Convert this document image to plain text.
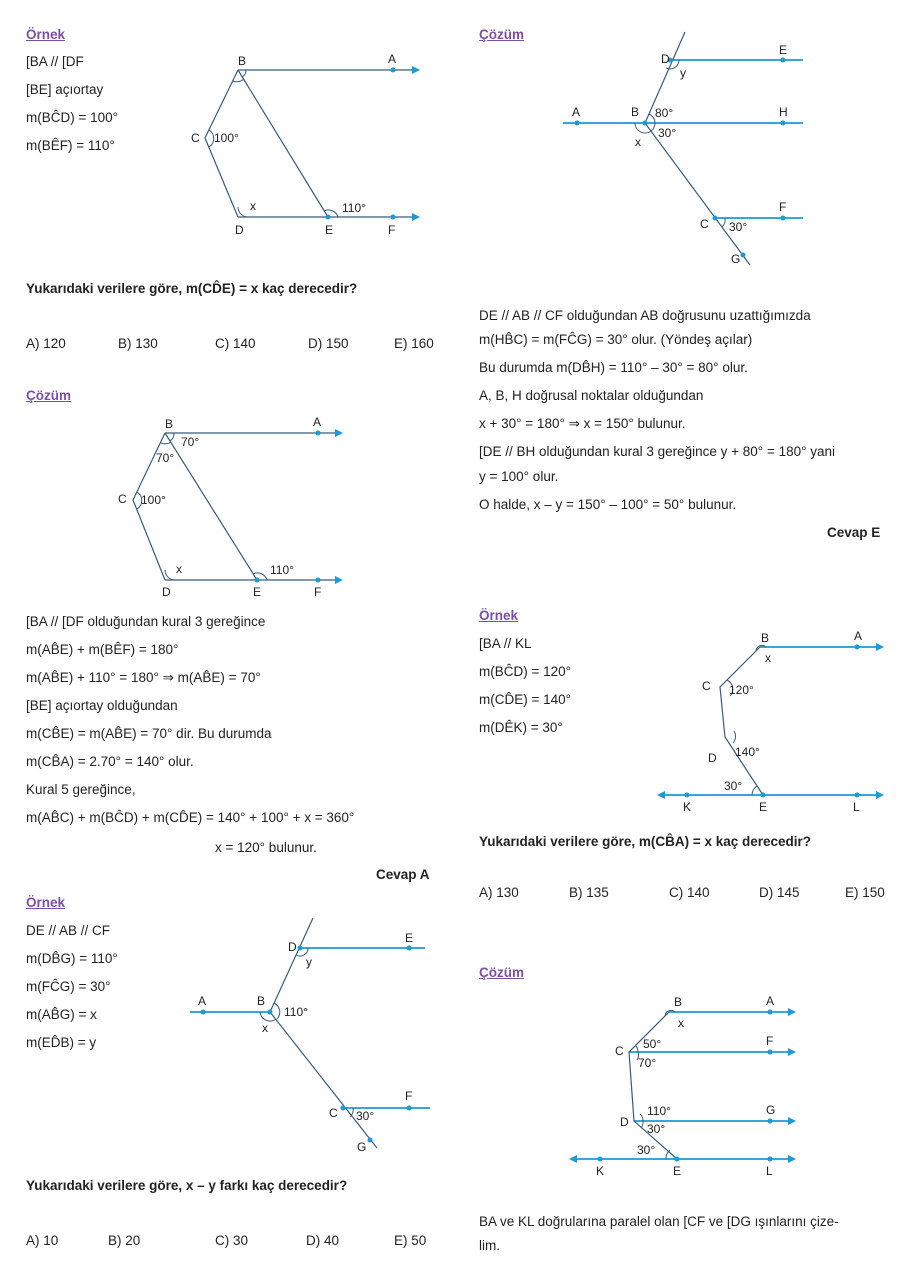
Örnek
[BA // [DF
[BE] açıortay
m(BĈD) = 100°
m(BÊF) = 110°
B	A
C 100°
x	110°
D	E	F
Yukarıdaki verilere göre, m(CD̂E) = x kaç derecedir?
A) 120	B) 130	C) 140	D) 150	E) 160
Çözüm
B	A
70°
70°
C 100°
x	110°
D	E	F
[BA // [DF olduğundan kural 3 gereğince
m(AB̂E) + m(BÊF) = 180°
m(AB̂E) + 110° = 180° ⇒ m(AB̂E) = 70°
[BE] açıortay olduğundan
m(CB̂E) = m(AB̂E) = 70° dir. Bu durumda
m(CB̂A) = 2.70° = 140° olur.
Kural 5 gereğince,
m(AB̂C) + m(BĈD) + m(CD̂E) = 140° + 100° + x = 360°
x = 120° bulunur.
Cevap A
Örnek
DE // AB // CF
m(DB̂G) = 110°
m(FĈG) = 30°
m(AB̂G) = x
m(ED̂B) = y
D
E
y
A	B
110°
x
F
C 30°
G
Yukarıdaki verilere göre, x – y farkı kaç derecedir?
A) 10	B) 20	C) 30	D) 40	E) 50
Çözüm
D
E
y
A	B 80°	H
30°
x
F
C 30°
G
DE // AB // CF olduğundan AB doğrusunu uzattığımızda
m(HB̂C) = m(FĈG) = 30° olur. (Yöndeş açılar)
Bu durumda m(DB̂H) = 110° – 30° = 80° olur.
A, B, H doğrusal noktalar olduğundan
x + 30° = 180° ⇒ x = 150° bulunur.
[DE // BH olduğundan kural 3 gereğince y + 80° = 180° yani
y = 100° olur.
O halde, x – y = 150° – 100° = 50° bulunur.
Cevap E
Örnek
[BA // KL
m(BĈD) = 120°
m(CD̂E) = 140°
m(DÊK) = 30°
B	A
x
C 120°
140°
D
30°
K	E	L
Yukarıdaki verilere göre, m(CB̂A) = x kaç derecedir?
A) 130	B) 135	C) 140	D) 145	E) 150
Çözüm
B	A
x
C 50°	F
70°
110°	G
D 30°
30°
K	E	L
BA ve KL doğrularına paralel olan [CF ve [DG ışınlarını çize-
lim.
